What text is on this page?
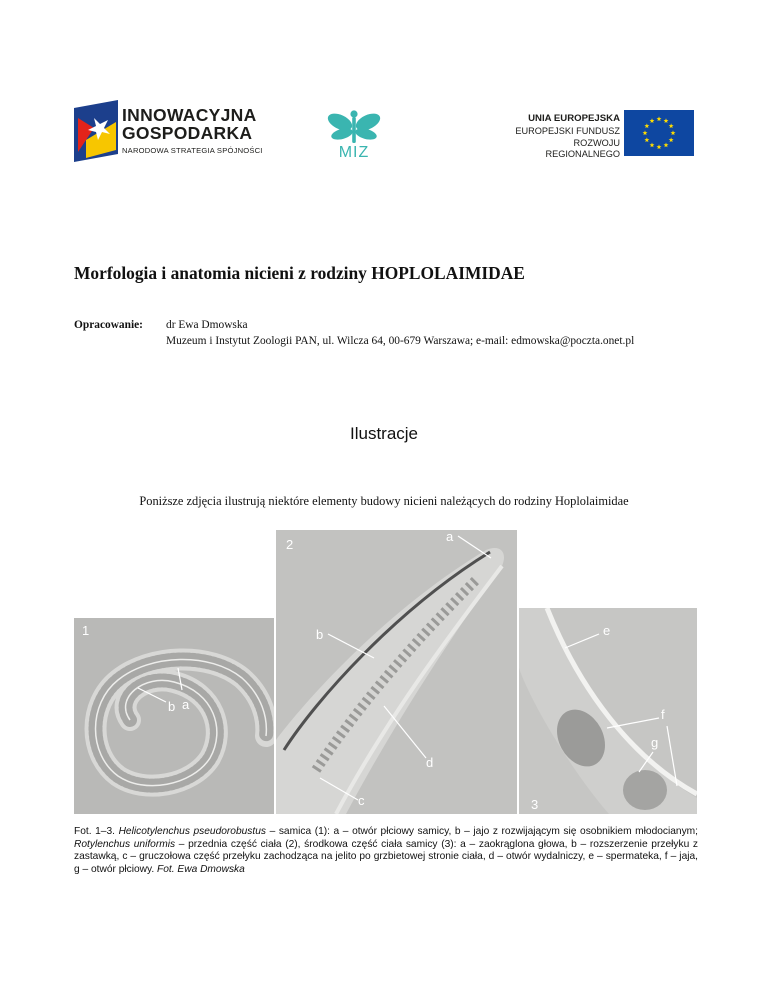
INNOWACYJNA
GOSPODARKA
NARODOWA STRATEGIA SPÓJNOŚCI	MIZ
UNIA EUROPEJSKA
EUROPEJSKI FUNDUSZ
ROZWOJU REGIONALNEGO
Morfologia i anatomia nicieni z rodziny HOPLOLAIMIDAE
Opracowanie: dr Ewa Dmowska
Muzeum i Instytut Zoologii PAN, ul. Wilcza 64, 00-679 Warszawa; e-mail: edmowska@poczta.onet.pl
Ilustracje
Poniższe zdjęcia ilustrują niektóre elementy budowy nicieni należących do rodziny Hoplolaimidae
1
b a
2
a
b
d
c
e
f
g
3
Fot. 1–3. Helicotylenchus pseudorobustus – samica (1): a – otwór płciowy samicy, b – jajo z rozwijającym się osobnikiem młodocianym; Rotylenchus uniformis – przednia część ciała (2), środkowa część ciała samicy (3): a – zaokrąglona głowa, b – rozszerzenie przełyku z zastawką, c – gruczołowa część przełyku zachodząca na jelito po grzbietowej stronie ciała, d – otwór wydalniczy, e – spermateka, f – jaja, g – otwór płciowy. Fot. Ewa Dmowska
